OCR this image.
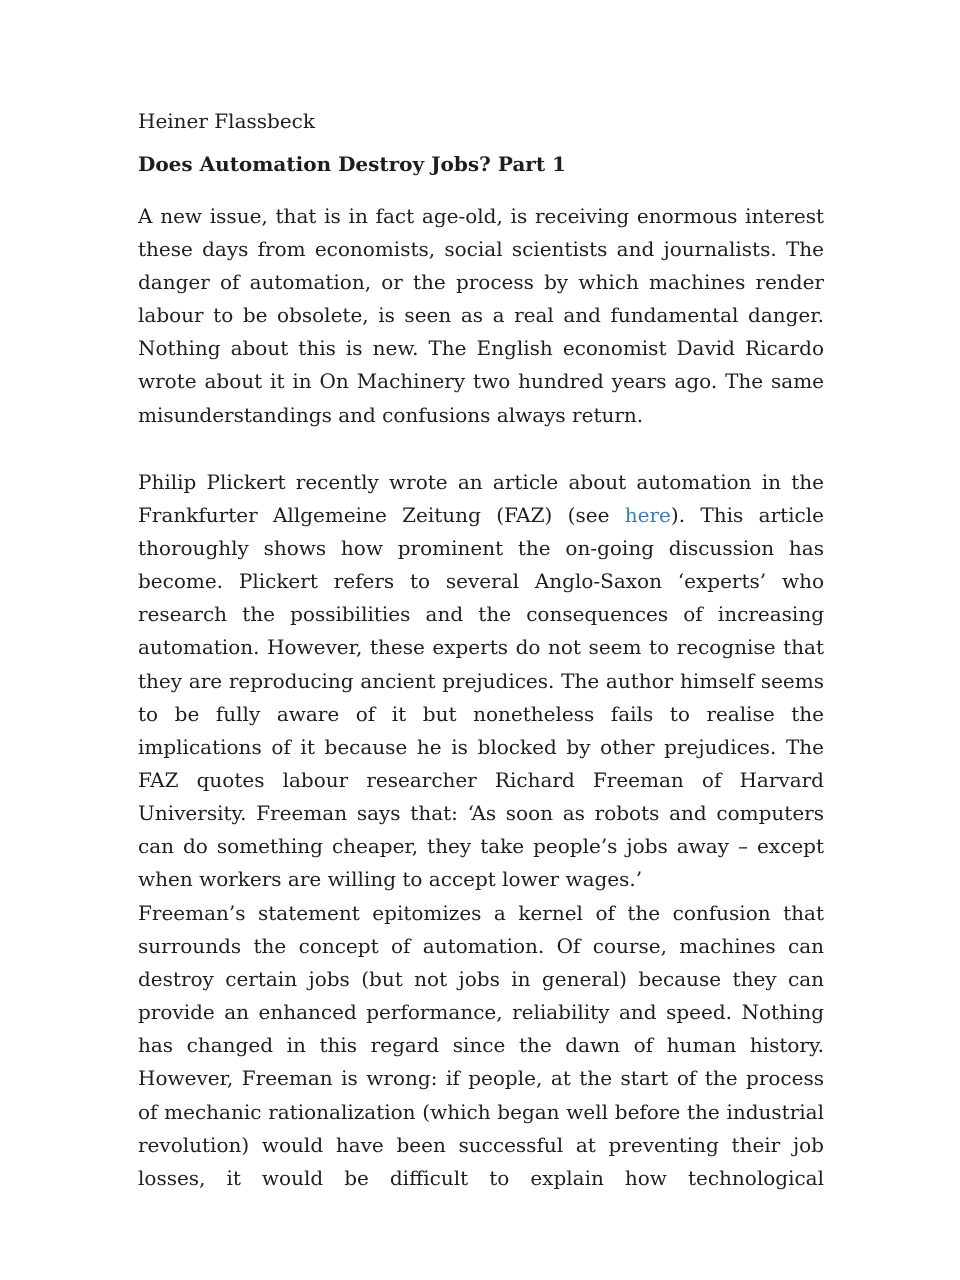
Heiner Flassbeck
Does Automation Destroy Jobs? Part 1

A new issue, that is in fact age-old, is receiving enormous interest these days from economists, social scientists and journalists. The danger of automation, or the process by which machines render labour to be obsolete, is seen as a real and fundamental danger. Nothing about this is new. The English economist David Ricardo wrote about it in On Machinery two hundred years ago. The same misunderstandings and confusions always return.

Philip Plickert recently wrote an article about automation in the Frankfurter Allgemeine Zeitung (FAZ) (see here). This article thoroughly shows how prominent the on-going discussion has become. Plickert refers to several Anglo-Saxon ‘experts’ who research the possibilities and the consequences of increasing automation. However, these experts do not seem to recognise that they are reproducing ancient prejudices. The author himself seems to be fully aware of it but nonetheless fails to realise the implications of it because he is blocked by other prejudices. The FAZ quotes labour researcher Richard Freeman of Harvard University. Freeman says that: ‘As soon as robots and computers can do something cheaper, they take people’s jobs away – except when workers are willing to accept lower wages.’

Freeman’s statement epitomizes a kernel of the confusion that surrounds the concept of automation. Of course, machines can destroy certain jobs (but not jobs in general) because they can provide an enhanced performance, reliability and speed. Nothing has changed in this regard since the dawn of human history. However, Freeman is wrong: if people, at the start of the process of mechanic rationalization (which began well before the industrial revolution) would have been successful at preventing their job losses, it would be difficult to explain how technological
